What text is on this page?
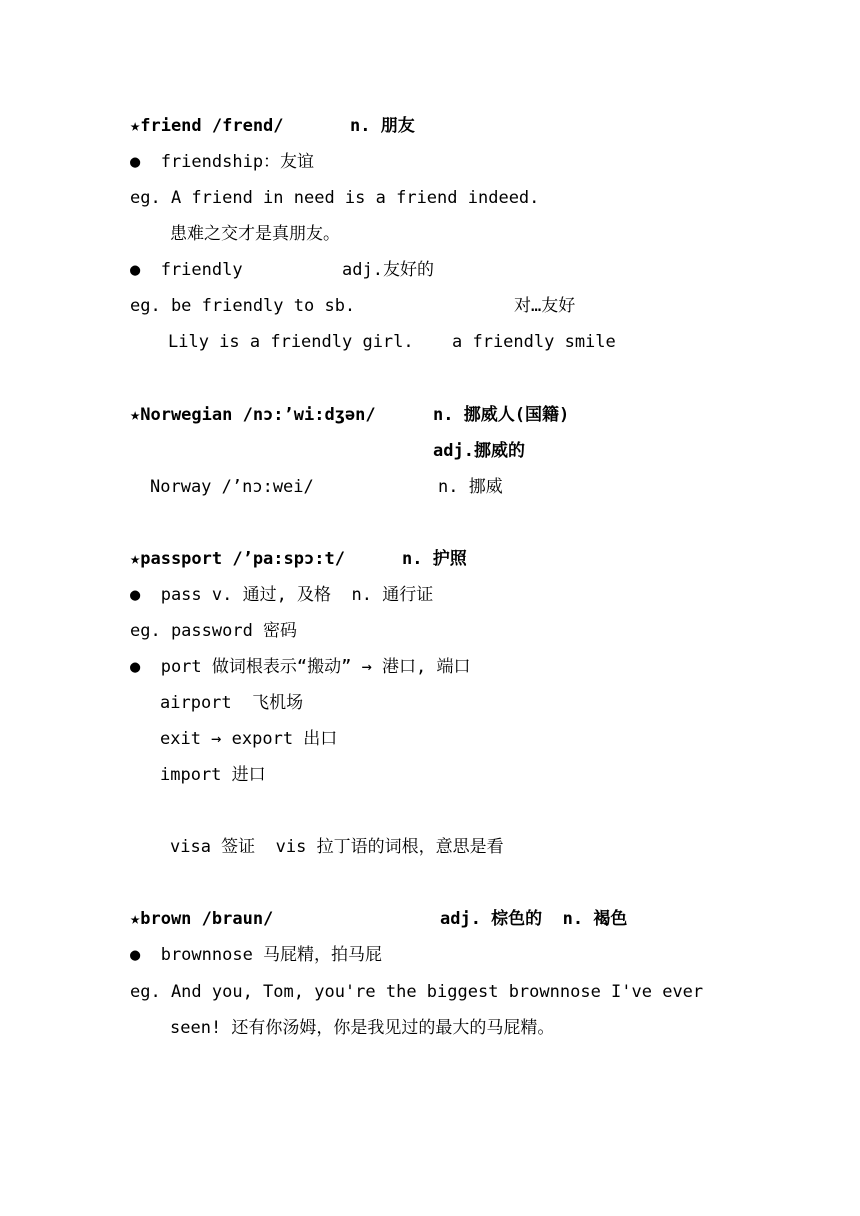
★friend /frend/

	n. 朋友

●  friendship：友谊

eg. A friend in need is a friend indeed.

患难之交才是真朋友。

●  friendly

	adj.友好的

eg. be friendly to sb.

	对…友好

Lily is a friendly girl.

a friendly smile

★Norwegian /nɔ:’wi:dʒən/

	n. 挪威人(国籍)

adj.挪威的

Norway /’nɔ:wei/

	n. 挪威

★passport /’pa:spɔ:t/

	n. 护照

●  pass v. 通过, 及格  n. 通行证

eg. password 密码

●  port 做词根表示“搬动” → 港口, 端口

airport  飞机场

exit → export 出口

import 进口

visa 签证  vis 拉丁语的词根，意思是看

★brown /braun/

	adj. 棕色的  n. 褐色

●  brownnose 马屁精，拍马屁

eg. And you, Tom, you're the biggest brownnose I've ever

seen! 还有你汤姆，你是我见过的最大的马屁精。
